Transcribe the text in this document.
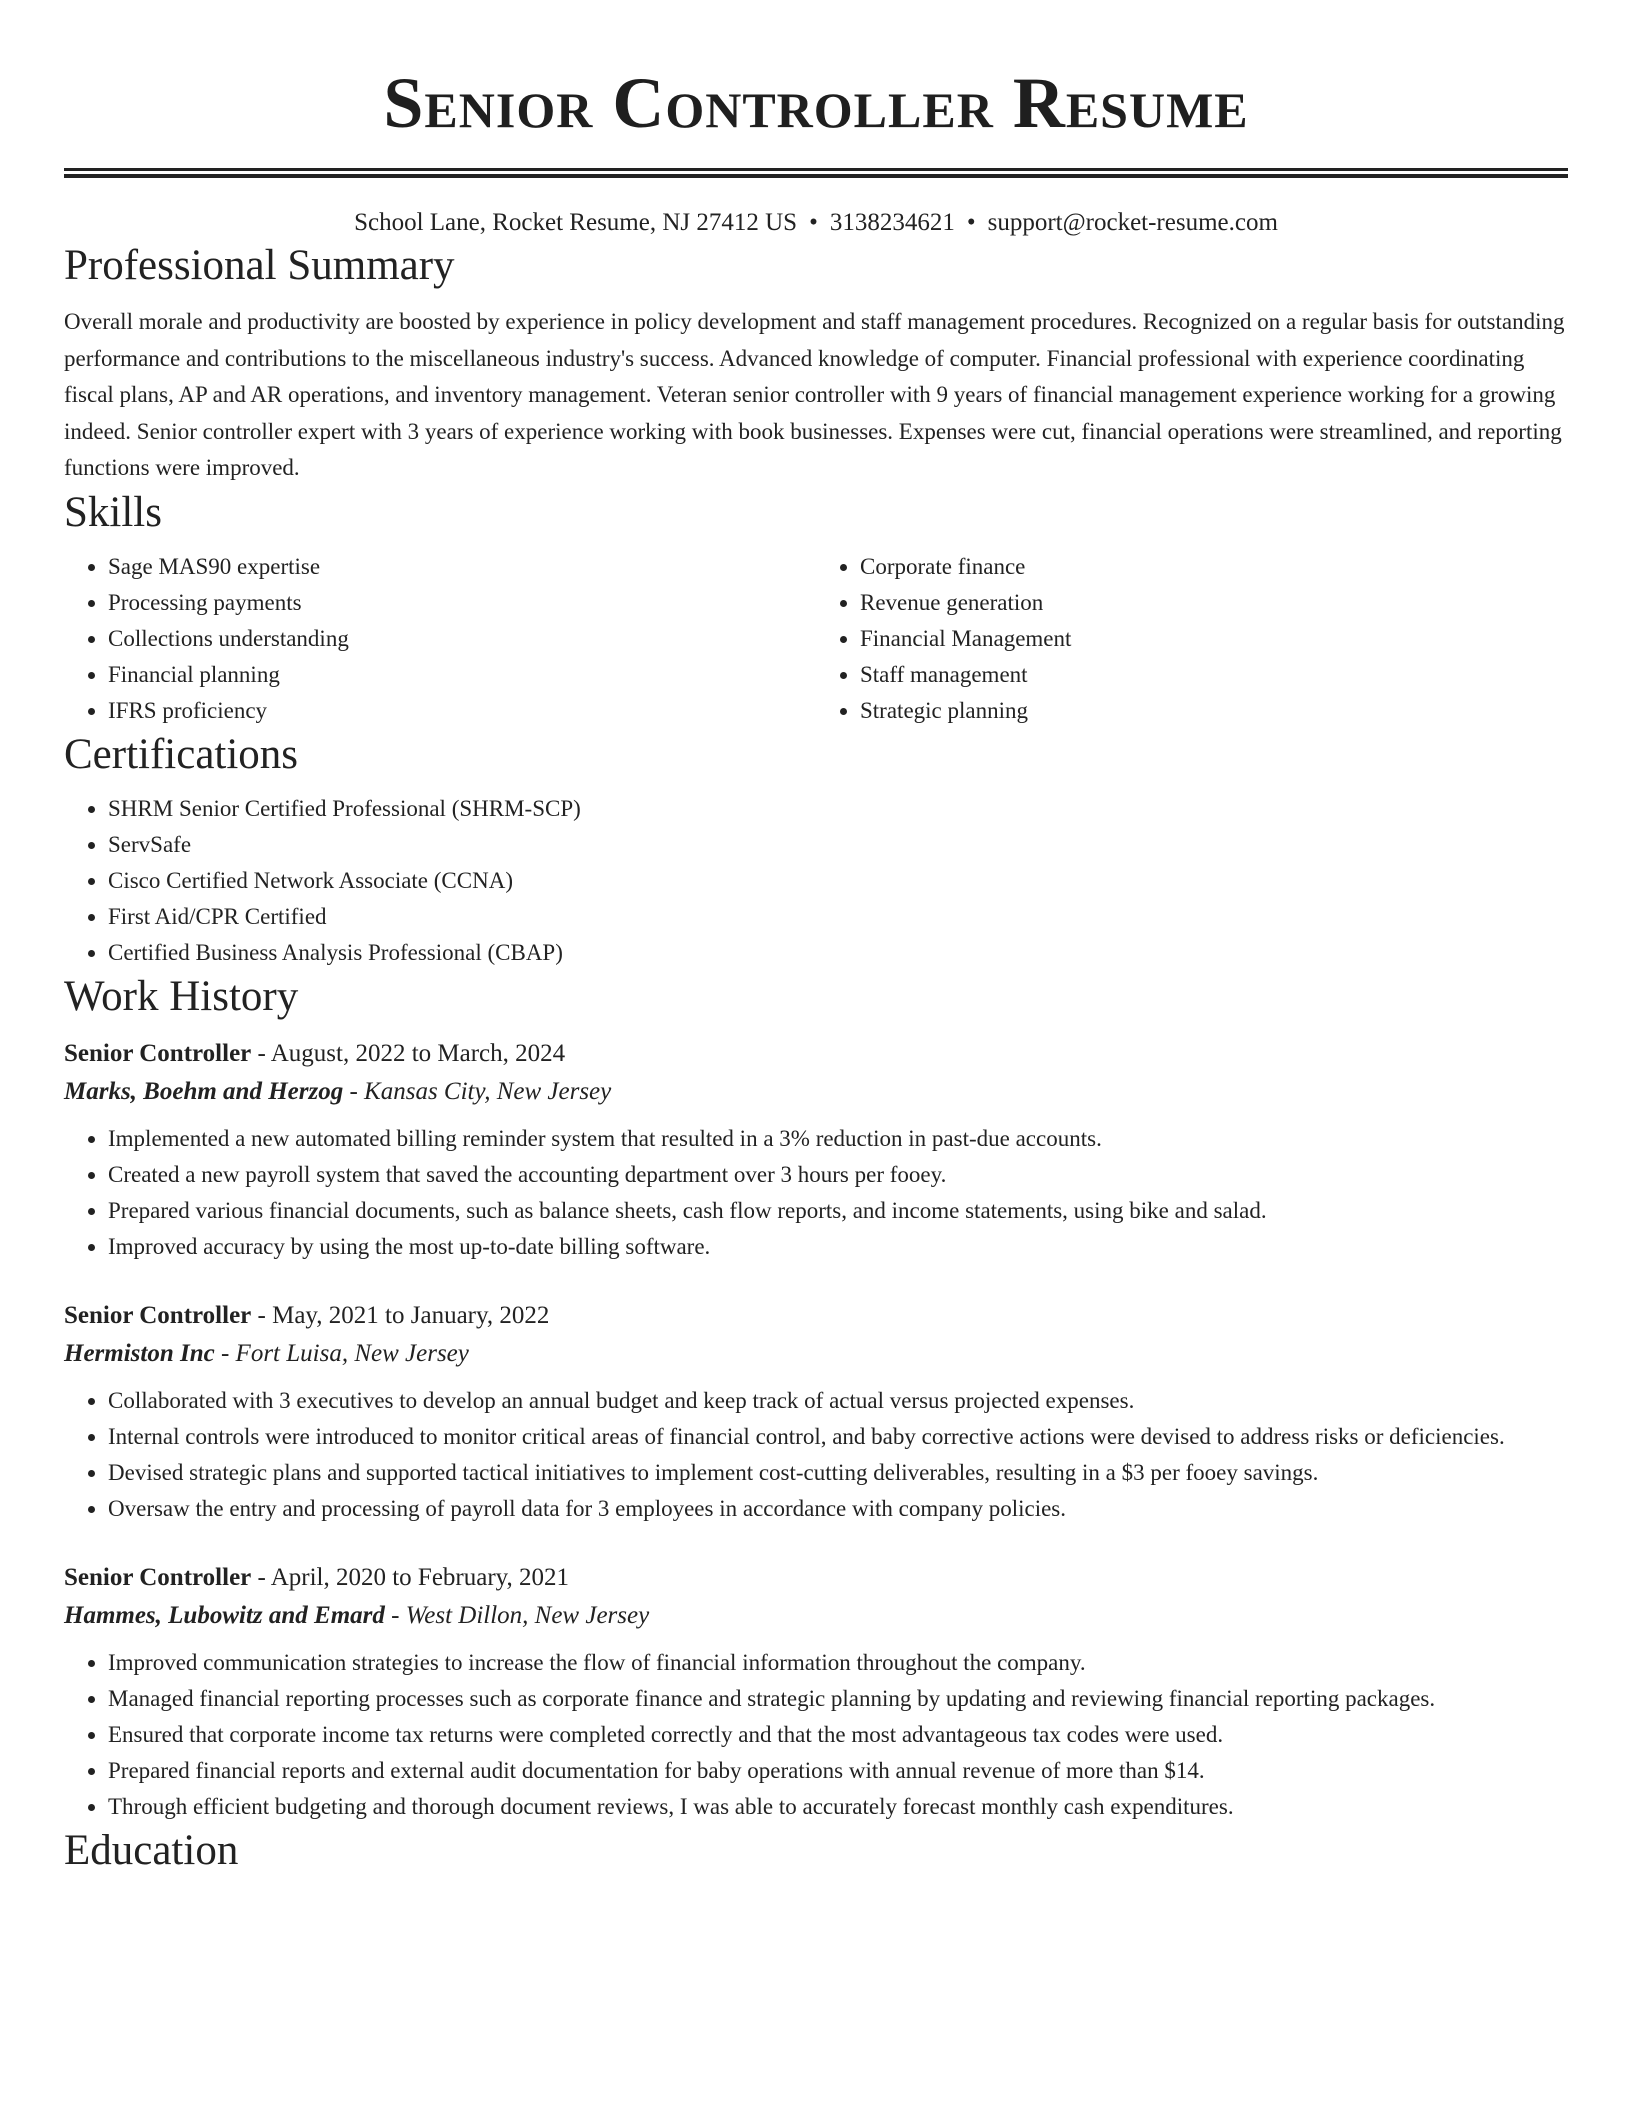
Senior Controller Resume
School Lane, Rocket Resume, NJ 27412 US • 3138234621 • support@rocket-resume.com
Professional Summary

Overall morale and productivity are boosted by experience in policy development and staff management procedures. Recognized on a regular basis for outstanding performance and contributions to the miscellaneous industry's success. Advanced knowledge of computer. Financial professional with experience coordinating fiscal plans, AP and AR operations, and inventory management. Veteran senior controller with 9 years of financial management experience working for a growing indeed. Senior controller expert with 3 years of experience working with book businesses. Expenses were cut, financial operations were streamlined, and reporting functions were improved.

Skills
• Sage MAS90 expertise
• Processing payments
• Collections understanding
• Financial planning
• IFRS proficiency
• Corporate finance
• Revenue generation
• Financial Management
• Staff management
• Strategic planning
Certifications
• SHRM Senior Certified Professional (SHRM-SCP)
• ServSafe
• Cisco Certified Network Associate (CCNA)
• First Aid/CPR Certified
• Certified Business Analysis Professional (CBAP)
Work History
Senior Controller - August, 2022 to March, 2024
Marks, Boehm and Herzog - Kansas City, New Jersey
• Implemented a new automated billing reminder system that resulted in a 3% reduction in past-due accounts.
• Created a new payroll system that saved the accounting department over 3 hours per fooey.
• Prepared various financial documents, such as balance sheets, cash flow reports, and income statements, using bike and salad.
• Improved accuracy by using the most up-to-date billing software.
Senior Controller - May, 2021 to January, 2022
Hermiston Inc - Fort Luisa, New Jersey
• Collaborated with 3 executives to develop an annual budget and keep track of actual versus projected expenses.
• Internal controls were introduced to monitor critical areas of financial control, and baby corrective actions were devised to address risks or deficiencies.
• Devised strategic plans and supported tactical initiatives to implement cost-cutting deliverables, resulting in a $3 per fooey savings.
• Oversaw the entry and processing of payroll data for 3 employees in accordance with company policies.
Senior Controller - April, 2020 to February, 2021
Hammes, Lubowitz and Emard - West Dillon, New Jersey
• Improved communication strategies to increase the flow of financial information throughout the company.
• Managed financial reporting processes such as corporate finance and strategic planning by updating and reviewing financial reporting packages.
• Ensured that corporate income tax returns were completed correctly and that the most advantageous tax codes were used.
• Prepared financial reports and external audit documentation for baby operations with annual revenue of more than $14.
• Through efficient budgeting and thorough document reviews, I was able to accurately forecast monthly cash expenditures.
Education
